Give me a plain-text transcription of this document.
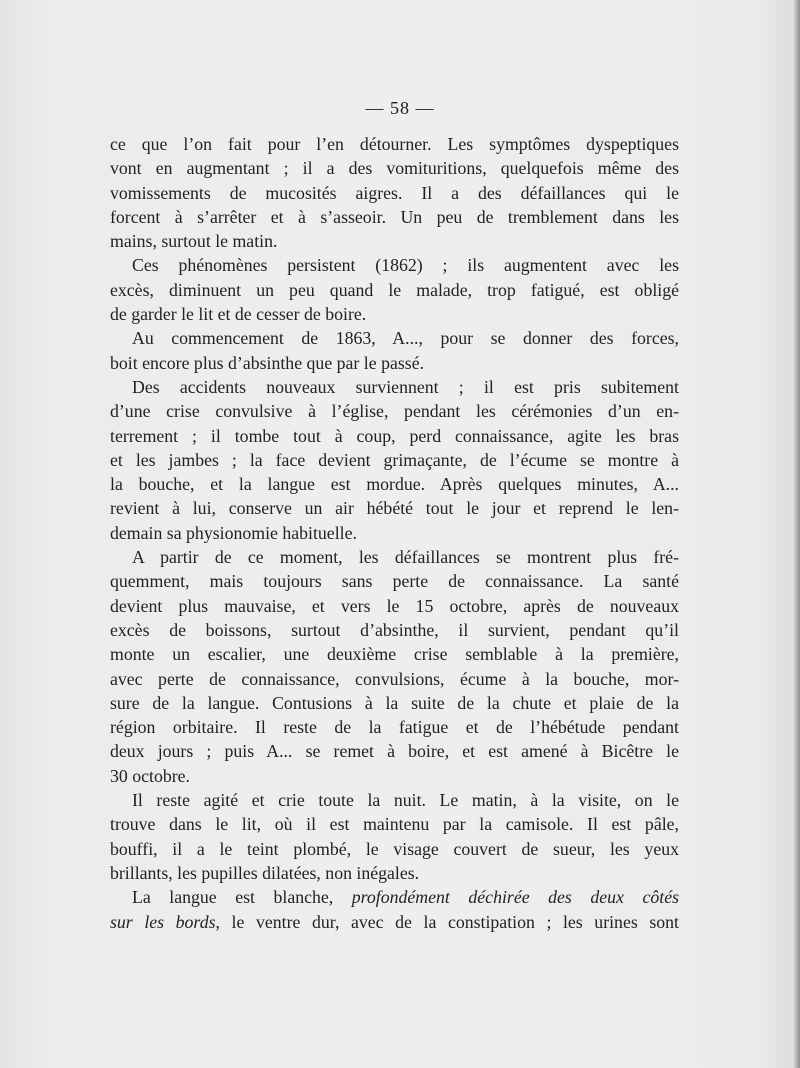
— 58 —
ce que l’on fait pour l’en détourner. Les symptômes dyspeptiques
vont en augmentant ; il a des vomituritions, quelquefois même des
vomissements de mucosités aigres. Il a des défaillances qui le
forcent à s’arrêter et à s’asseoir. Un peu de tremblement dans les
mains, surtout le matin.
Ces phénomènes persistent (1862) ; ils augmentent avec les
excès, diminuent un peu quand le malade, trop fatigué, est obligé
de garder le lit et de cesser de boire.
Au commencement de 1863, A..., pour se donner des forces,
boit encore plus d’absinthe que par le passé.
Des accidents nouveaux surviennent ; il est pris subitement
d’une crise convulsive à l’église, pendant les cérémonies d’un en-
terrement ; il tombe tout à coup, perd connaissance, agite les bras
et les jambes ; la face devient grimaçante, de l’écume se montre à
la bouche, et la langue est mordue. Après quelques minutes, A...
revient à lui, conserve un air hébété tout le jour et reprend le len-
demain sa physionomie habituelle.
A partir de ce moment, les défaillances se montrent plus fré-
quemment, mais toujours sans perte de connaissance. La santé
devient plus mauvaise, et vers le 15 octobre, après de nouveaux
excès de boissons, surtout d’absinthe, il survient, pendant qu’il
monte un escalier, une deuxième crise semblable à la première,
avec perte de connaissance, convulsions, écume à la bouche, mor-
sure de la langue. Contusions à la suite de la chute et plaie de la
région orbitaire. Il reste de la fatigue et de l’hébétude pendant
deux jours ; puis A... se remet à boire, et est amené à Bicêtre le
30 octobre.
Il reste agité et crie toute la nuit. Le matin, à la visite, on le
trouve dans le lit, où il est maintenu par la camisole. Il est pâle,
bouffi, il a le teint plombé, le visage couvert de sueur, les yeux
brillants, les pupilles dilatées, non inégales.
La langue est blanche, profondément déchirée des deux côtés
sur les bords, le ventre dur, avec de la constipation ; les urines sont
